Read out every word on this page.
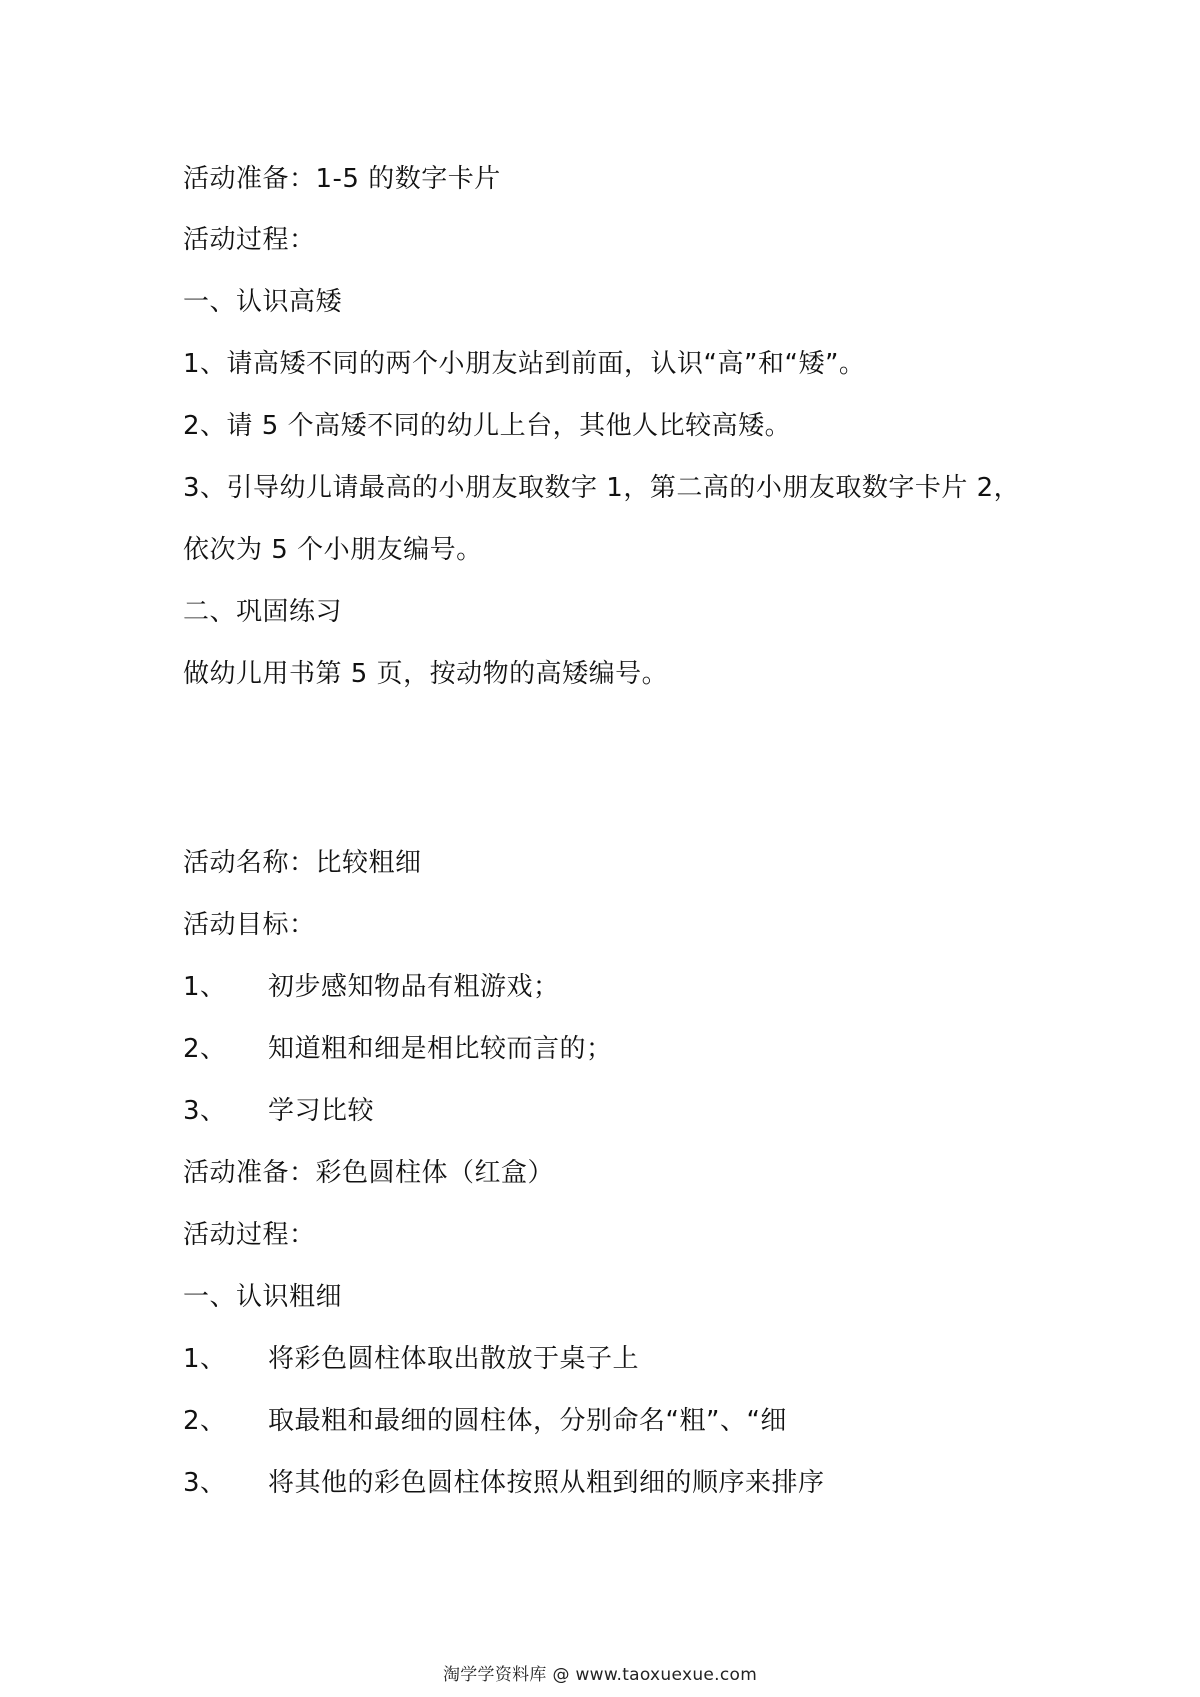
活动准备：1-5 的数字卡片
活动过程：
一、认识高矮
1、请高矮不同的两个小朋友站到前面，认识“高”和“矮”。
2、请 5 个高矮不同的幼儿上台，其他人比较高矮。
3、引导幼儿请最高的小朋友取数字 1，第二高的小朋友取数字卡片 2，
依次为 5 个小朋友编号。
二、巩固练习
做幼儿用书第 5 页，按动物的高矮编号。
活动名称：比较粗细
活动目标：
1、 初步感知物品有粗游戏；
2、 知道粗和细是相比较而言的；
3、 学习比较
活动准备：彩色圆柱体（红盒）
活动过程：
一、认识粗细
1、 将彩色圆柱体取出散放于桌子上
2、 取最粗和最细的圆柱体，分别命名“粗”、“细
3、 将其他的彩色圆柱体按照从粗到细的顺序来排序
淘学学资料库 @ www.taoxuexue.com
